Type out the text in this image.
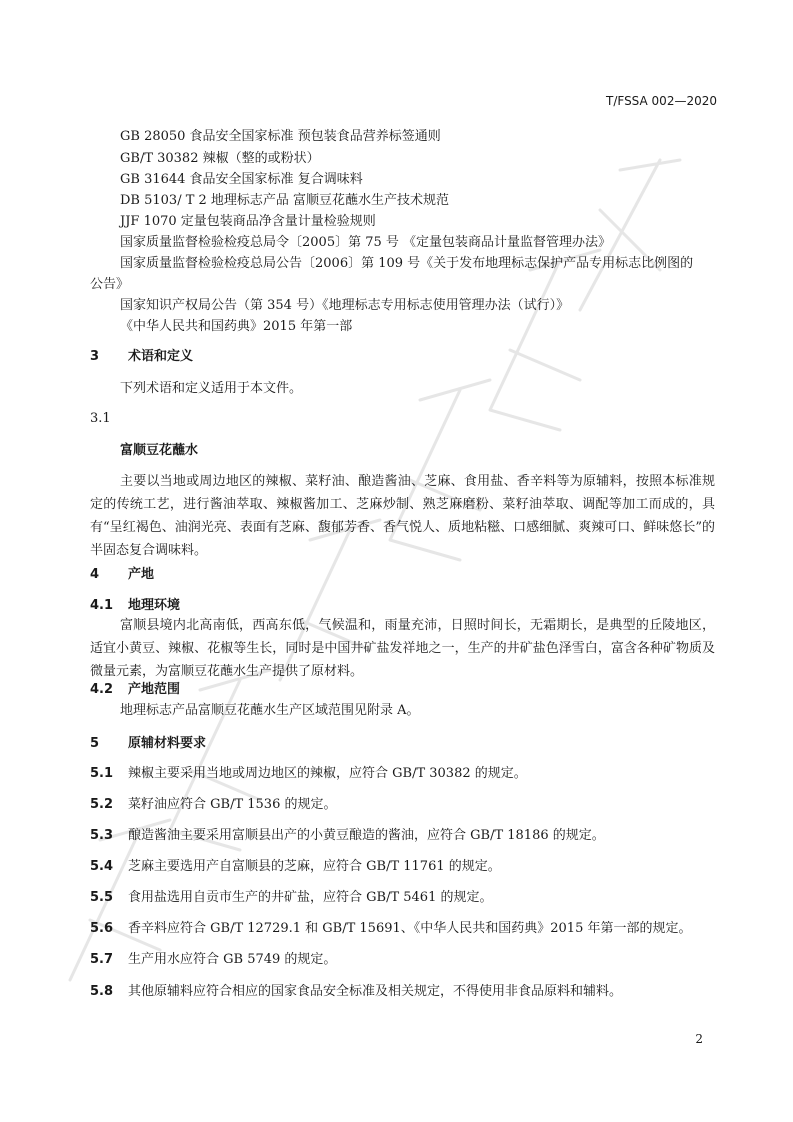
T/FSSA 002—2020

GB 28050 食品安全国家标准 预包装食品营养标签通则

GB/T 30382 辣椒（整的或粉状）

GB 31644 食品安全国家标准 复合调味料

DB 5103/ T 2 地理标志产品 富顺豆花蘸水生产技术规范

JJF 1070 定量包装商品净含量计量检验规则

国家质量监督检验检疫总局令〔2005〕第 75 号 《定量包装商品计量监督管理办法》

国家质量监督检验检疫总局公告〔2006〕第 109 号《关于发布地理标志保护产品专用标志比例图的

公告》

国家知识产权局公告（第 354 号）《地理标志专用标志使用管理办法（试行）》

《中华人民共和国药典》2015 年第一部

3 术语和定义

下列术语和定义适用于本文件。

3.1

富顺豆花蘸水

主要以当地或周边地区的辣椒、菜籽油、酿造酱油、芝麻、食用盐、香辛料等为原辅料，按照本标准规定的传统工艺，进行酱油萃取、辣椒酱加工、芝麻炒制、熟芝麻磨粉、菜籽油萃取、调配等加工而成的，具有“呈红褐色、油润光亮、表面有芝麻、馥郁芳香、香气悦人、质地粘糍、口感细腻、爽辣可口、鲜味悠长”的半固态复合调味料。

4 产地

4.1 地理环境

富顺县境内北高南低，西高东低，气候温和，雨量充沛，日照时间长，无霜期长，是典型的丘陵地区，适宜小黄豆、辣椒、花椒等生长，同时是中国井矿盐发祥地之一，生产的井矿盐色泽雪白，富含各种矿物质及微量元素，为富顺豆花蘸水生产提供了原材料。

4.2 产地范围

地理标志产品富顺豆花蘸水生产区域范围见附录 A。

5 原辅材料要求

5.1 辣椒主要采用当地或周边地区的辣椒，应符合 GB/T 30382 的规定。

5.2 菜籽油应符合 GB/T 1536 的规定。

5.3 酿造酱油主要采用富顺县出产的小黄豆酿造的酱油，应符合 GB/T 18186 的规定。

5.4 芝麻主要选用产自富顺县的芝麻，应符合 GB/T 11761 的规定。

5.5 食用盐选用自贡市生产的井矿盐，应符合 GB/T 5461 的规定。

5.6 香辛料应符合 GB/T 12729.1 和 GB/T 15691、《中华人民共和国药典》2015 年第一部的规定。

5.7 生产用水应符合 GB 5749 的规定。

5.8 其他原辅料应符合相应的国家食品安全标准及相关规定，不得使用非食品原料和辅料。

2
